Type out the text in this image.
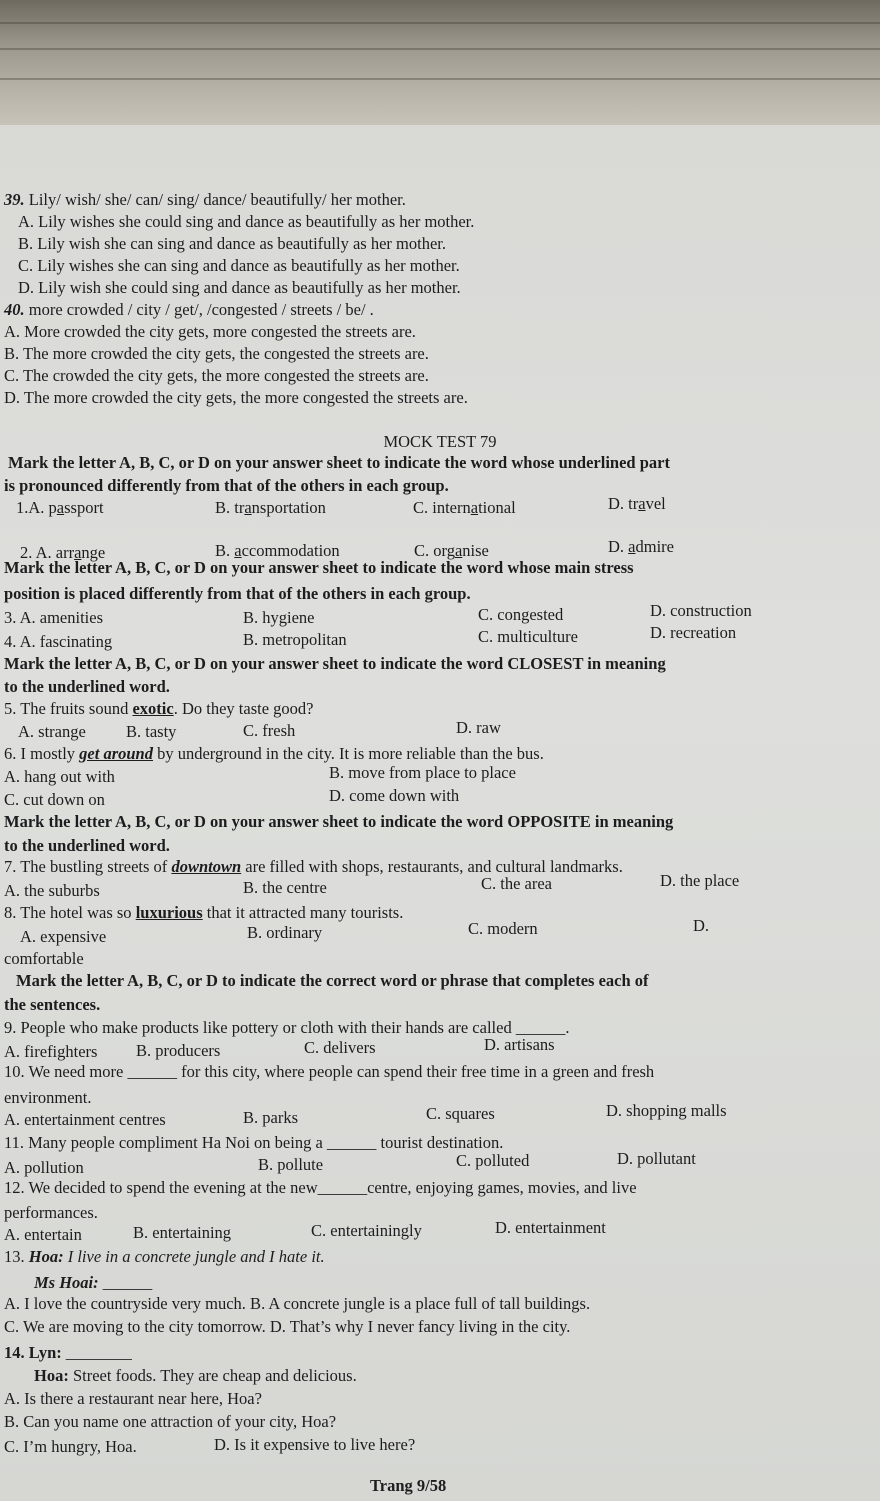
39. Lily/ wish/ she/ can/ sing/ dance/ beautifully/ her mother.
A. Lily wishes she could sing and dance as beautifully as her mother.
B. Lily wish she can sing and dance as beautifully as her mother.
C. Lily wishes she can sing and dance as beautifully as her mother.
D. Lily wish she could sing and dance as beautifully as her mother.
40. more crowded / city / get/, /congested / streets / be/ .
A. More crowded the city gets, more congested the streets are.
B. The more crowded the city gets, the congested the streets are.
C. The crowded the city gets, the more congested the streets are.
D. The more crowded the city gets, the more congested the streets are.
MOCK TEST 79
Mark the letter A, B, C, or D on your answer sheet to indicate the word whose underlined part
is pronounced differently from that of the others in each group.
1.A. passport	B. transportation	C. international	D. travel
2. A. arrange	B. accommodation	C. organise	D. admire
Mark the letter A, B, C, or D on your answer sheet to indicate the word whose main stress
position is placed differently from that of the others in each group.
3. A. amenities	B. hygiene	C. congested	D. construction
4. A. fascinating	B. metropolitan	C. multiculture	D. recreation
Mark the letter A, B, C, or D on your answer sheet to indicate the word CLOSEST in meaning
to the underlined word.
5. The fruits sound exotic. Do they taste good?
A. strange B. tasty	C. fresh	D. raw
6. I mostly get around by underground in the city. It is more reliable than the bus.
A. hang out with	B. move from place to place
C. cut down on	D. come down with
Mark the letter A, B, C, or D on your answer sheet to indicate the word OPPOSITE in meaning
to the underlined word.
7. The bustling streets of downtown are filled with shops, restaurants, and cultural landmarks.
A. the suburbs	B. the centre	C. the area	D. the place
8. The hotel was so luxurious that it attracted many tourists.
A. expensive	B. ordinary	C. modern	D.
comfortable
Mark the letter A, B, C, or D to indicate the correct word or phrase that completes each of
the sentences.
9. People who make products like pottery or cloth with their hands are called ______.
A. firefighters B. producers	C. delivers	D. artisans
10. We need more ______ for this city, where people can spend their free time in a green and fresh
environment.
A. entertainment centres	B. parks	C. squares	D. shopping malls
11. Many people compliment Ha Noi on being a ______ tourist destination.
A. pollution	B. pollute	C. polluted	D. pollutant
12. We decided to spend the evening at the new______centre, enjoying games, movies, and live
performances.
A. entertain	B. entertaining	C. entertainingly	D. entertainment
13. Hoa: I live in a concrete jungle and I hate it.
Ms Hoai: ______
A. I love the countryside very much. B. A concrete jungle is a place full of tall buildings.
C. We are moving to the city tomorrow. D. That’s why I never fancy living in the city.
14. Lyn: ________
Hoa: Street foods. They are cheap and delicious.
A. Is there a restaurant near here, Hoa?
B. Can you name one attraction of your city, Hoa?
C. I’m hungry, Hoa.	D. Is it expensive to live here?
Trang 9/58
